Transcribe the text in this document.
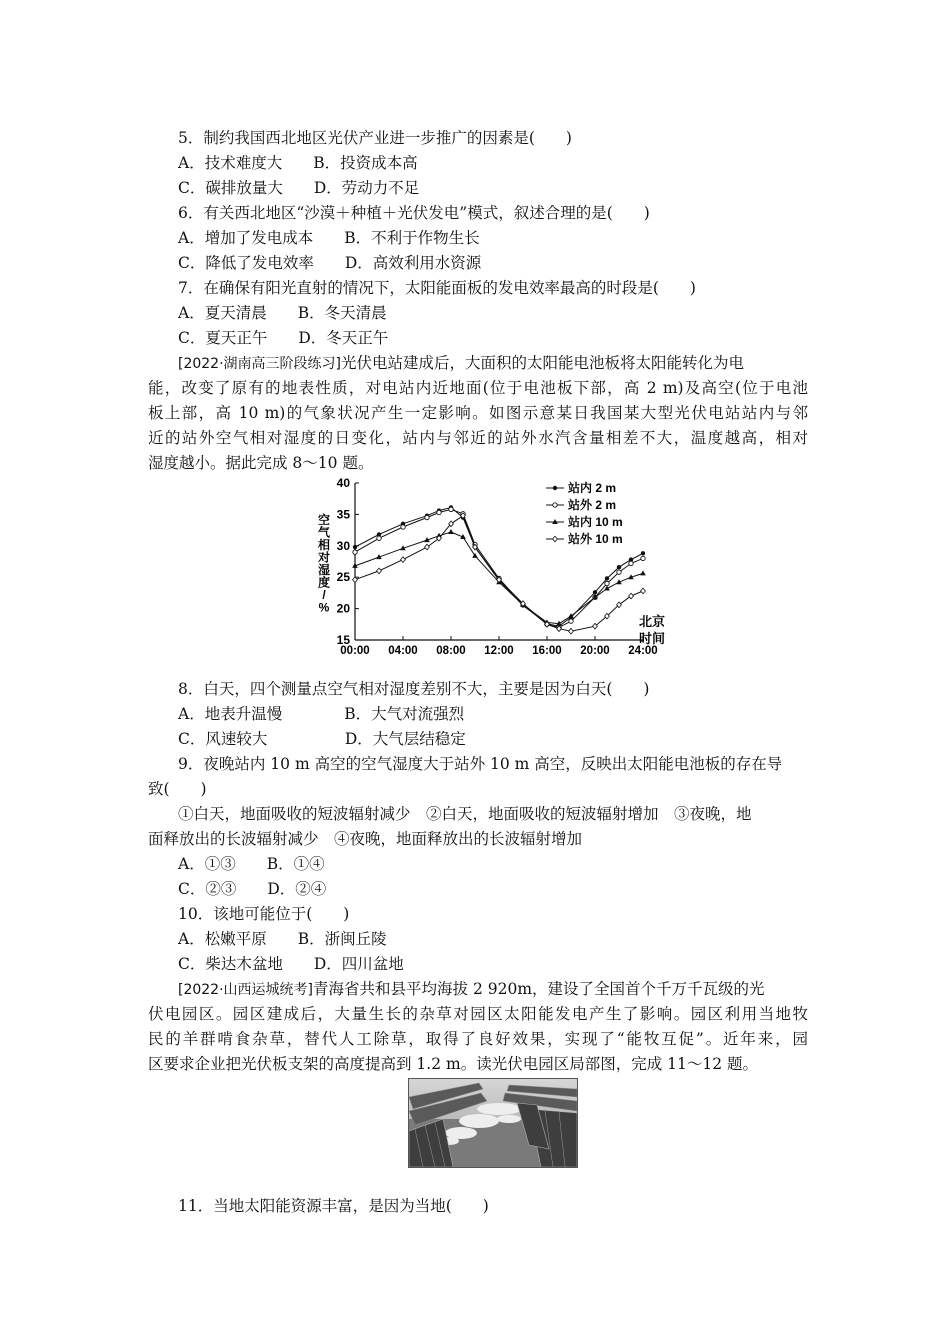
5．制约我国西北地区光伏产业进一步推广的因素是(　　)
A．技术难度大　　B．投资成本高
C．碳排放量大　　D．劳动力不足
6．有关西北地区“沙漠＋种植＋光伏发电”模式，叙述合理的是(　　)
A．增加了发电成本　　B．不利于作物生长
C．降低了发电效率　　D．高效利用水资源
7．在确保有阳光直射的情况下，太阳能面板的发电效率最高的时段是(　　)
A．夏天清晨　　B．冬天清晨
C．夏天正午　　D．冬天正午
[2022·湖南高三阶段练习]光伏电站建成后，大面积的太阳能电池板将太阳能转化为电
能，改变了原有的地表性质，对电站内近地面(位于电池板下部，高 2 m)及高空(位于电池
板上部，高 10 m)的气象状况产生一定影响。如图示意某日我国某大型光伏电站站内与邻
近的站外空气相对湿度的日变化，站内与邻近的站外水汽含量相差不大，温度越高，相对
湿度越小。据此完成 8～10 题。
15
20
25
30
35
40
00:00 04:00 08:00 12:00 16:00 20:00 24:00
空
气
相
对
湿
度
/
%
北京
时间
站内 2 m
站外 2 m
站内 10 m
站外 10 m
8．白天，四个测量点空气相对湿度差别不大，主要是因为白天(　　)
A．地表升温慢　　　　B．大气对流强烈
C．风速较大　　　　　D．大气层结稳定
9．夜晚站内 10 m 高空的空气湿度大于站外 10 m 高空，反映出太阳能电池板的存在导
致(　　)
①白天，地面吸收的短波辐射减少　②白天，地面吸收的短波辐射增加　③夜晚，地
面释放出的长波辐射减少　④夜晚，地面释放出的长波辐射增加
A．①③　　B．①④
C．②③　　D．②④
10．该地可能位于(　　)
A．松嫩平原　　B．浙闽丘陵
C．柴达木盆地　　D．四川盆地
[2022·山西运城统考]青海省共和县平均海拔 2 920m，建设了全国首个千万千瓦级的光
伏电园区。园区建成后，大量生长的杂草对园区太阳能发电产生了影响。园区利用当地牧
民的羊群啃食杂草，替代人工除草，取得了良好效果，实现了“能牧互促”。近年来，园
区要求企业把光伏板支架的高度提高到 1.2 m。读光伏电园区局部图，完成 11～12 题。
11．当地太阳能资源丰富，是因为当地(　　)
